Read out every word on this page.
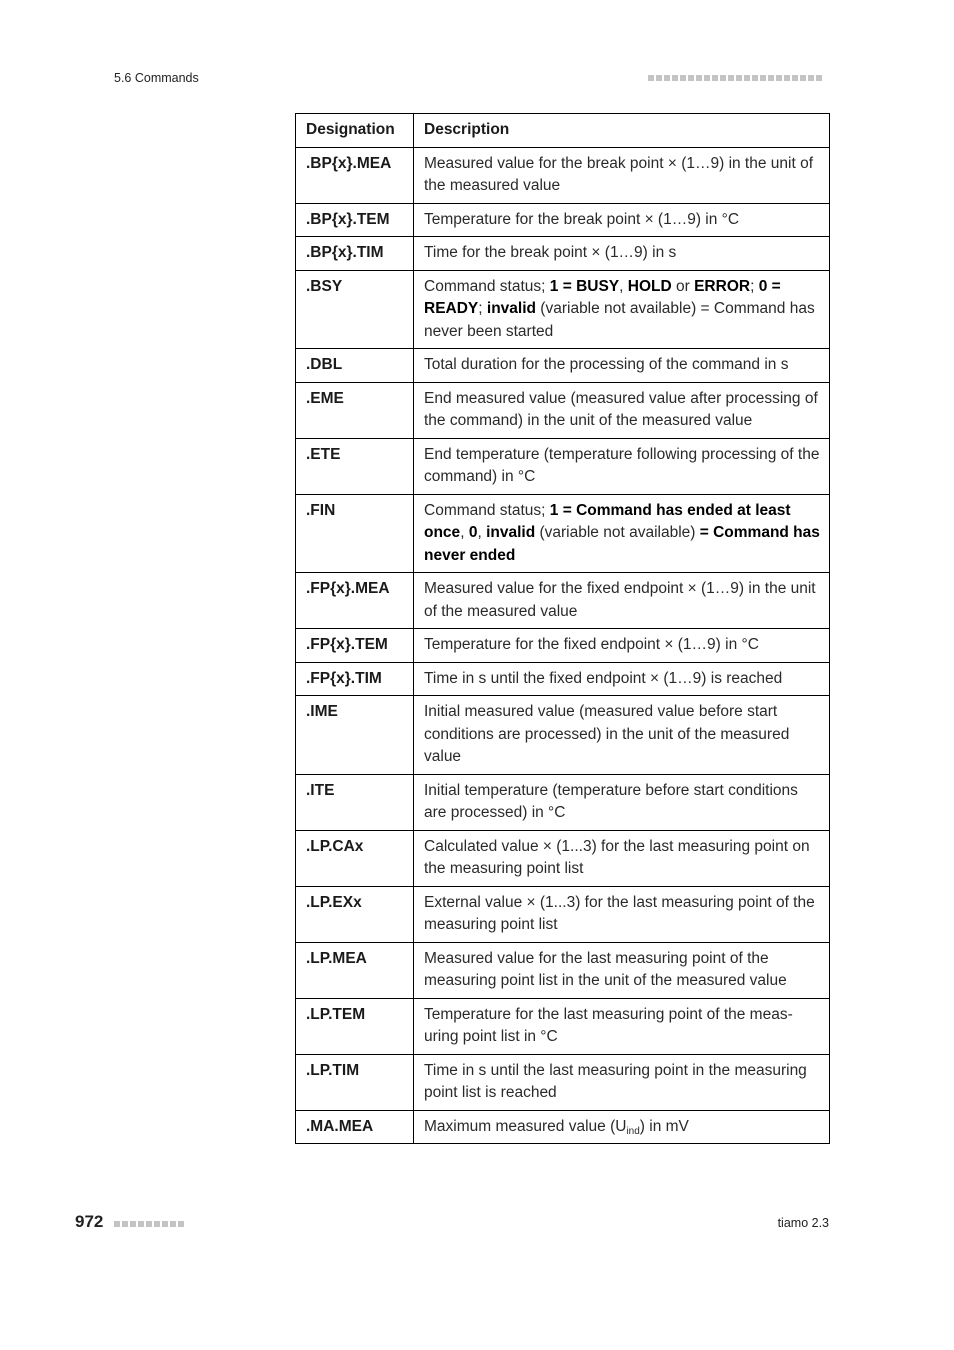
5.6 Commands
Designation	Description
.BP{x}.MEA	Measured value for the break point × (1…9) in the unit of the measured value
.BP{x}.TEM	Temperature for the break point × (1…9) in °C
.BP{x}.TIM	Time for the break point × (1…9) in s
.BSY	Command status; 1 = BUSY, HOLD or ERROR; 0 = READY; invalid (variable not available) = Command has never been started
.DBL	Total duration for the processing of the command in s
.EME	End measured value (measured value after processing of the command) in the unit of the measured value
.ETE	End temperature (temperature following processing of the command) in °C
.FIN	Command status; 1 = Command has ended at least once, 0, invalid (variable not available) = Command has never ended
.FP{x}.MEA	Measured value for the fixed endpoint × (1…9) in the unit of the measured value
.FP{x}.TEM	Temperature for the fixed endpoint × (1…9) in °C
.FP{x}.TIM	Time in s until the fixed endpoint × (1…9) is reached
.IME	Initial measured value (measured value before start conditions are processed) in the unit of the measured value
.ITE	Initial temperature (temperature before start conditions are processed) in °C
.LP.CAx	Calculated value × (1...3) for the last measuring point on the measuring point list
.LP.EXx	External value × (1...3) for the last measuring point of the measuring point list
.LP.MEA	Measured value for the last measuring point of the measuring point list in the unit of the measured value
.LP.TEM	Temperature for the last measuring point of the measuring point list in °C
.LP.TIM	Time in s until the last measuring point in the measuring point list is reached
.MA.MEA	Maximum measured value $(U_{ind})$ in mV
972	tiamo 2.3
